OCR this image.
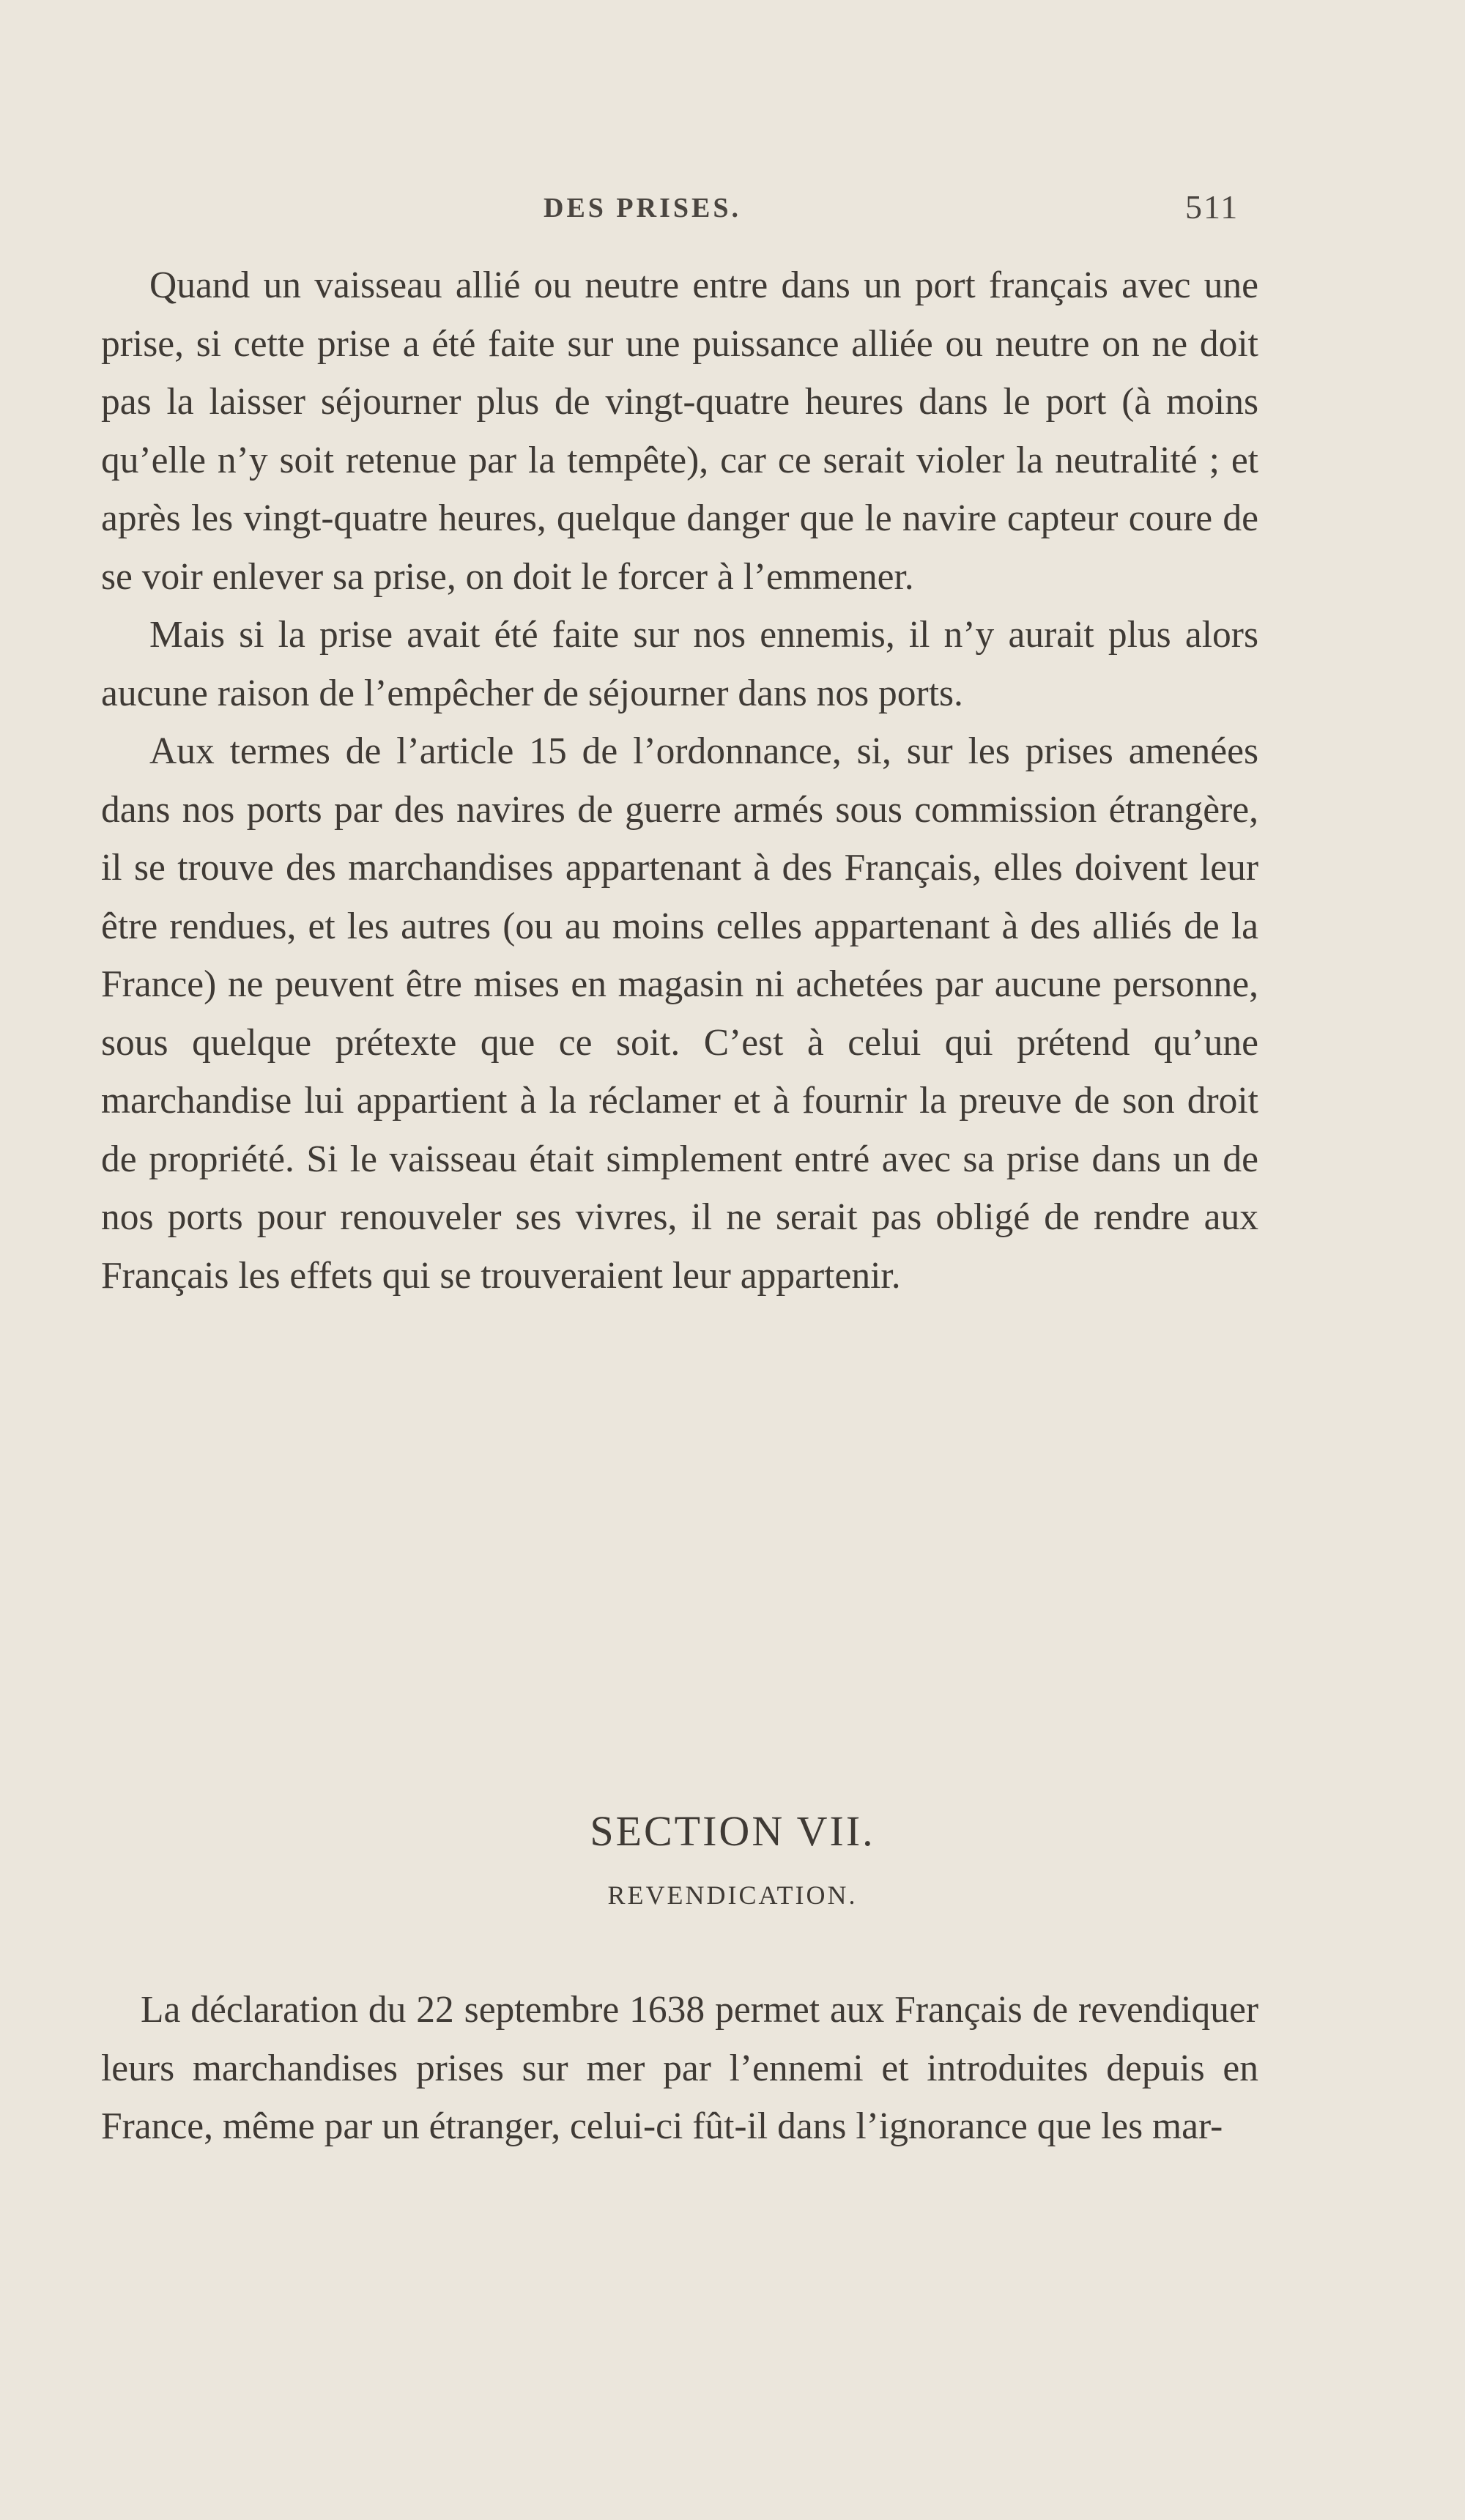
DES PRISES.	511

Quand un vaisseau allié ou neutre entre dans un port français avec une prise, si cette prise a été faite sur une puissance alliée ou neutre on ne doit pas la laisser séjourner plus de vingt-quatre heures dans le port (à moins qu’elle n’y soit retenue par la tempête), car ce serait violer la neutralité ; et après les vingt-quatre heures, quelque danger que le navire capteur coure de se voir enlever sa prise, on doit le forcer à l’emmener.

Mais si la prise avait été faite sur nos ennemis, il n’y aurait plus alors aucune raison de l’empêcher de séjourner dans nos ports.

Aux termes de l’article 15 de l’ordonnance, si, sur les prises amenées dans nos ports par des navires de guerre armés sous commission étrangère, il se trouve des marchandises appartenant à des Français, elles doivent leur être rendues, et les autres (ou au moins celles appartenant à des alliés de la France) ne peuvent être mises en magasin ni achetées par aucune personne, sous quelque prétexte que ce soit. C’est à celui qui prétend qu’une marchandise lui appartient à la réclamer et à fournir la preuve de son droit de propriété. Si le vaisseau était simplement entré avec sa prise dans un de nos ports pour renouveler ses vivres, il ne serait pas obligé de rendre aux Français les effets qui se trouveraient leur appartenir.

SECTION VII.
REVENDICATION.

La déclaration du 22 septembre 1638 permet aux Français de revendiquer leurs marchandises prises sur mer par l’ennemi et introduites depuis en France, même par un étranger, celui-ci fût-il dans l’ignorance que les mar-
